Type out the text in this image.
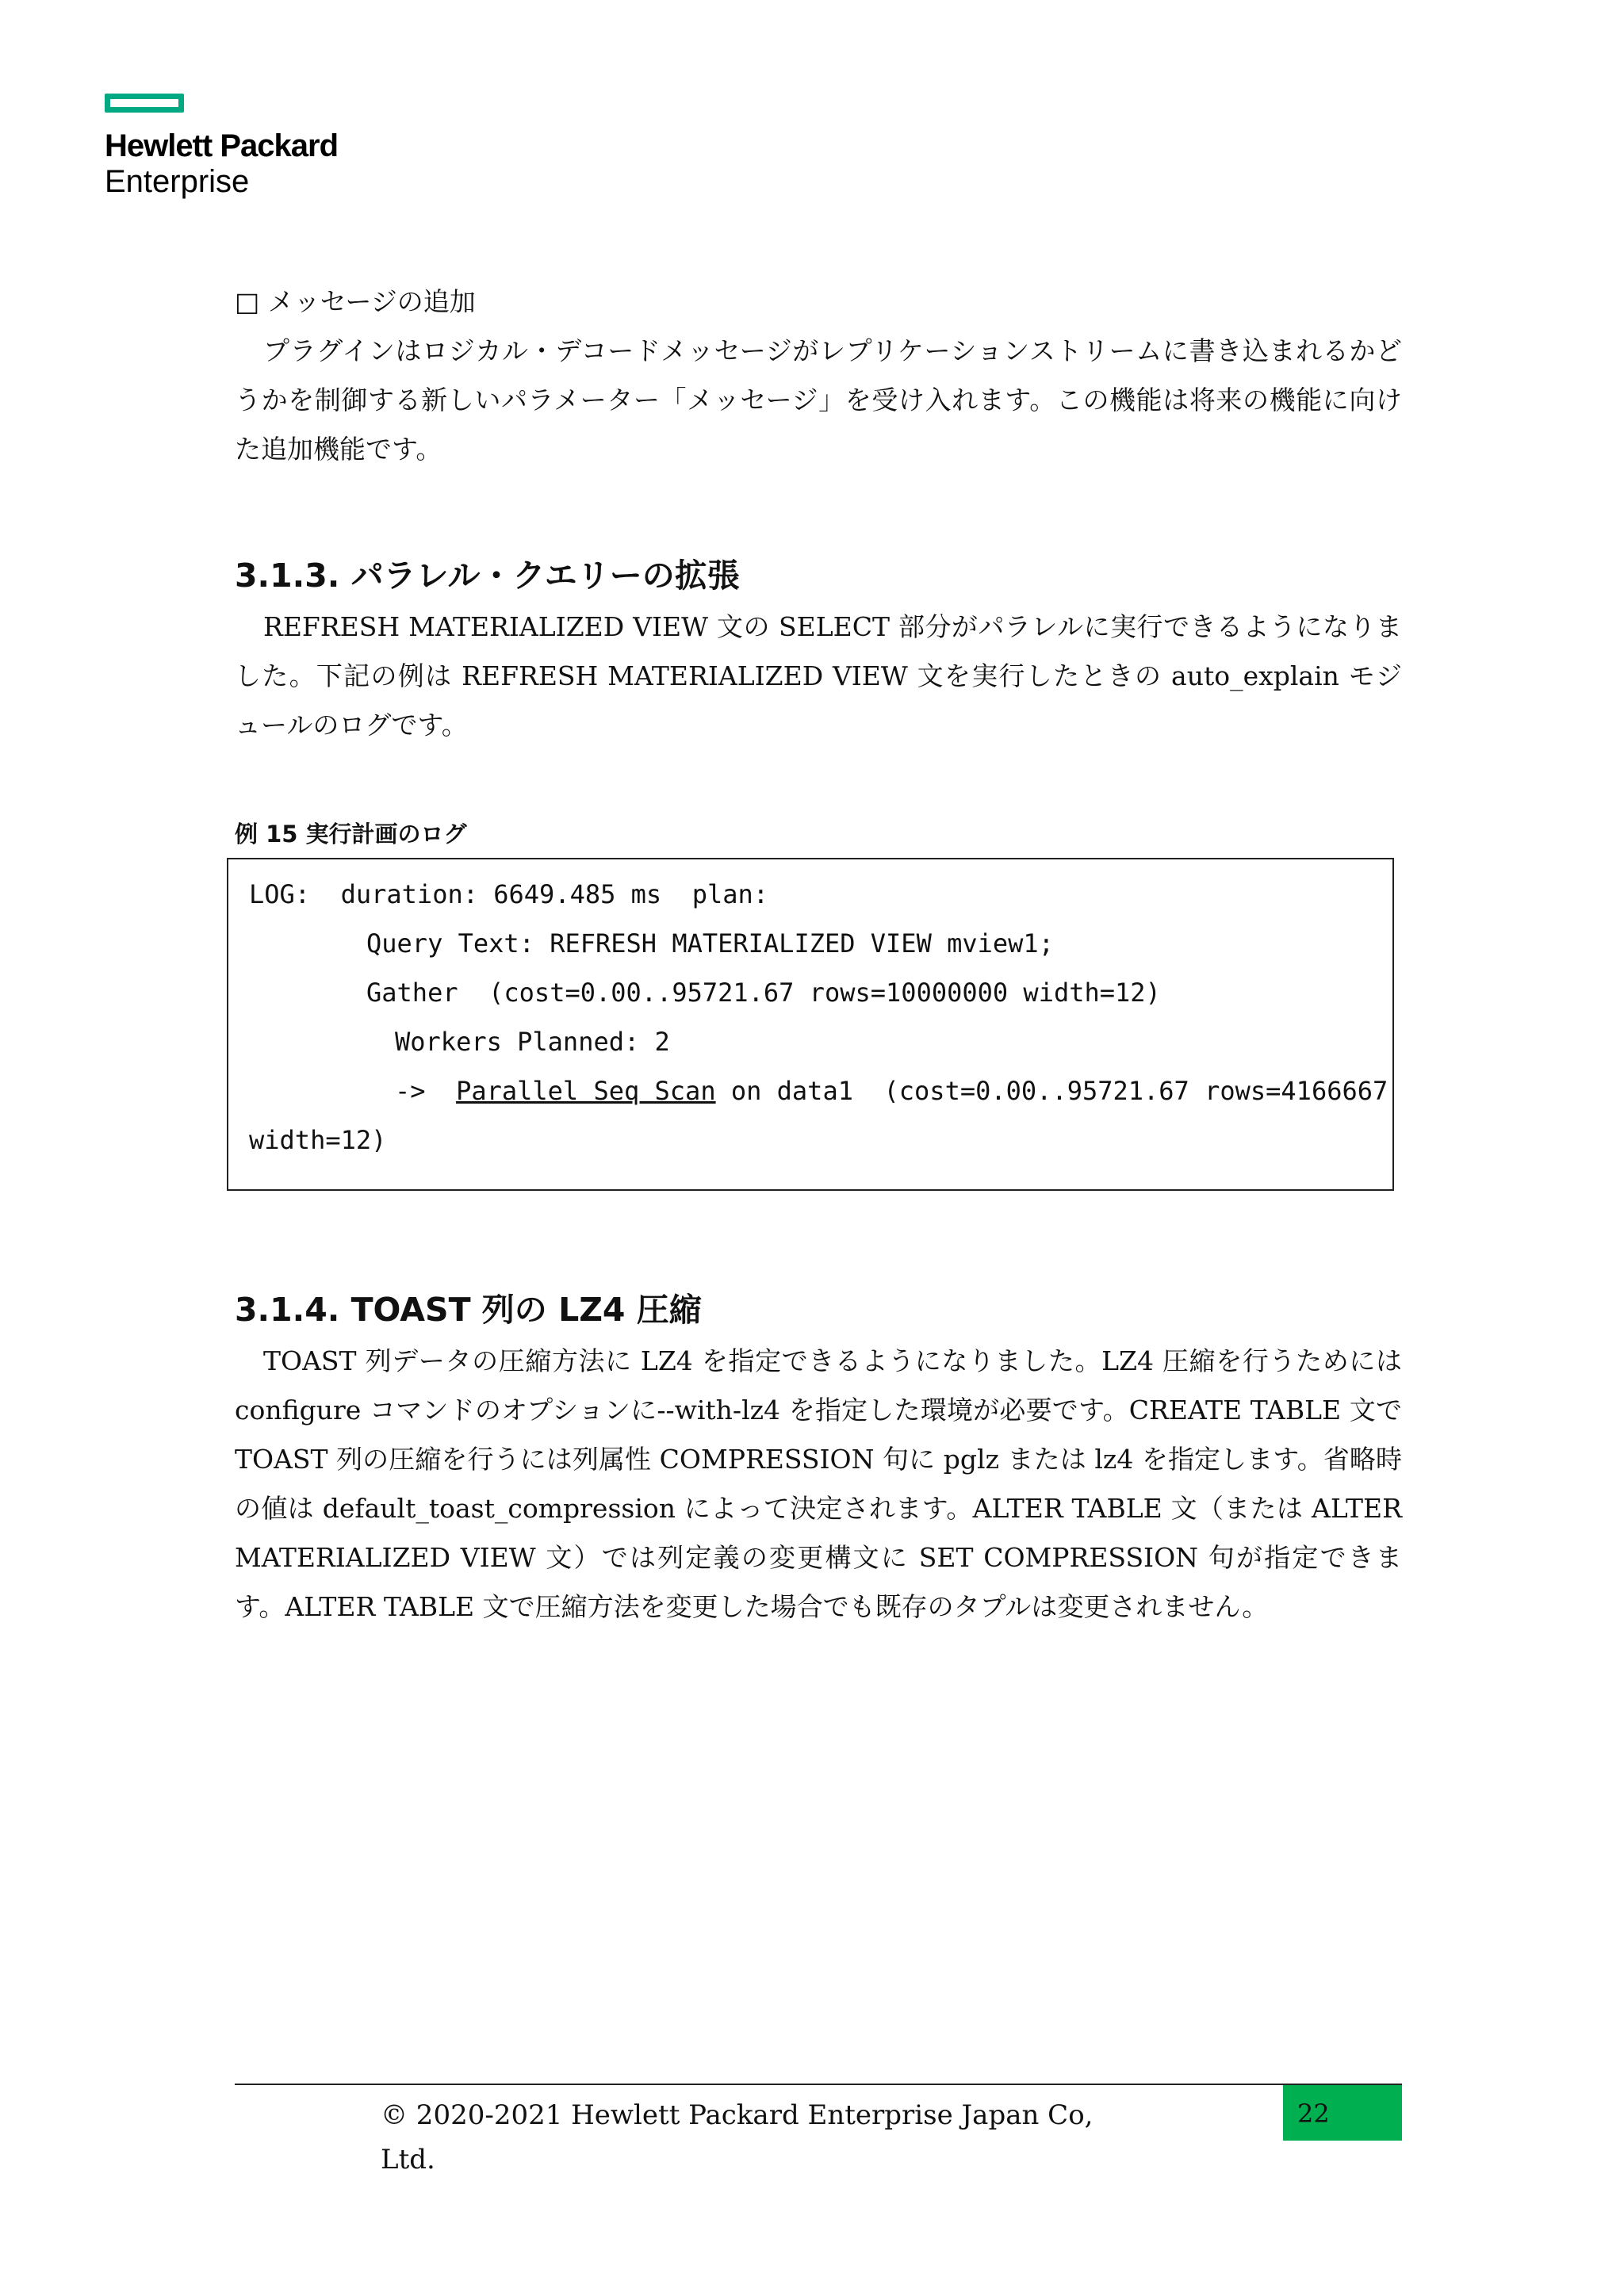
Hewlett Packard
Enterprise

□ メッセージの追加

プラグインはロジカル・デコードメッセージがレプリケーションストリームに書き込まれるかどうかを制御する新しいパラメーター「メッセージ」を受け入れます。この機能は将来の機能に向けた追加機能です。

3.1.3. パラレル・クエリーの拡張

REFRESH MATERIALIZED VIEW 文の SELECT 部分がパラレルに実行できるようになりました。下記の例は REFRESH MATERIALIZED VIEW 文を実行したときの auto_explain モジュールのログです。

例 15 実行計画のログ

LOG:  duration: 6649.485 ms  plan:
Query Text: REFRESH MATERIALIZED VIEW mview1;
Gather  (cost=0.00..95721.67 rows=10000000 width=12)
Workers Planned: 2
->  Parallel Seq Scan on data1  (cost=0.00..95721.67 rows=4166667
width=12)
3.1.4. TOAST 列の LZ4 圧縮

TOAST 列データの圧縮方法に LZ4 を指定できるようになりました。LZ4 圧縮を行うためには configure コマンドのオプションに--with-lz4 を指定した環境が必要です。CREATE TABLE 文で TOAST 列の圧縮を行うには列属性 COMPRESSION 句に pglz または lz4 を指定します。省略時の値は default_toast_compression によって決定されます。ALTER TABLE 文（または ALTER MATERIALIZED VIEW 文）では列定義の変更構文に SET COMPRESSION 句が指定できます。ALTER TABLE 文で圧縮方法を変更した場合でも既存のタプルは変更されません。

© 2020-2021 Hewlett Packard Enterprise Japan Co, Ltd.
22
